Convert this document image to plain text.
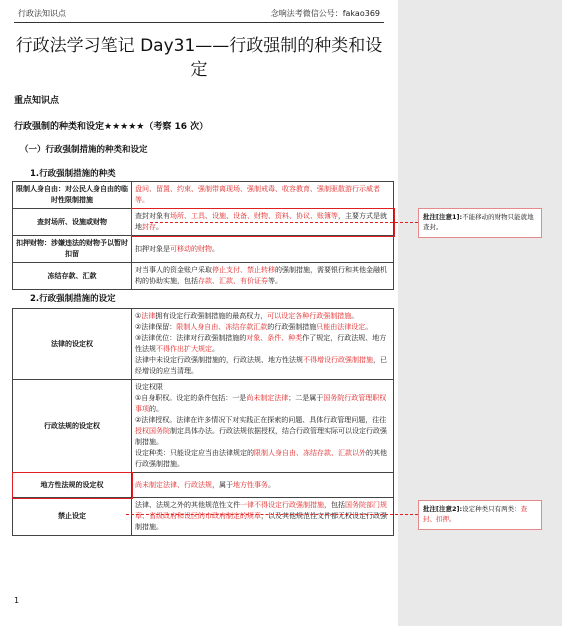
行政法知识点	念响法考微信公号：fakao369
行政法学习笔记 Day31——行政强制的种类和设定
重点知识点
行政强制的种类和设定★★★★★（考察 16 次）
（一）行政强制措施的种类和设定
1.行政强制措施的种类
限制人身自由：对公民人身自由的临时性限制措施	盘问、留置、约束、强制带离现场、强制戒毒、收容教育、强制驱散游行示威者等。
查封场所、设施或财物	查封对象有场所、工具、设施、设备、财物、资料、协议、账簿等，主要方式是就地封存。
扣押财物：涉嫌违法的财物予以暂时扣留	扣押对象是可移动的财物。
冻结存款、汇款	对当事人的资金账户采取停止支付、禁止转移的强制措施，需要银行和其他金融机构的协助实施，包括存款、汇款、有价证券等。
2.行政强制措施的设定
法律的设定权	①法律拥有设定行政强制措施的最高权力，可以设定各种行政强制措施。
②法律保留：限制人身自由、冻结存款汇款的行政强制措施只能由法律设定。
③法律优位：法律对行政强制措施的对象、条件、种类作了规定，行政法规、地方性法规不得作出扩大规定。
法律中未设定行政强制措施的，行政法规、地方性法规不得增设行政强制措施，已经增设的应当清理。

行政法规的设定权	设定权限
①自身职权。设定的条件包括：一是尚未制定法律；二是属于国务院行政管理职权事项的。
②法律授权。法律在许多情况下对实践正在探索的问题、具体行政管理问题，往往授权国务院制定具体办法。行政法规依据授权，结合行政管理实际可以设定行政强制措施。
设定种类：只能设定应当由法律规定的限制人身自由、冻结存款、汇款以外的其他行政强制措施。

地方性法规的设定权	尚未制定法律、行政法规，属于地方性事务。
禁止设定	法律、法规之外的其他规范性文件一律不得设定行政强制措施，包括国务院部门规章、省级政府和设区的市政府制定的规章，以及其他规范性文件都无权设定行政强制措施。
1
批注[注意1]:不能移动的财物只能就地查封。
批注[注意2]:设定种类只有两类：查封、扣押。
